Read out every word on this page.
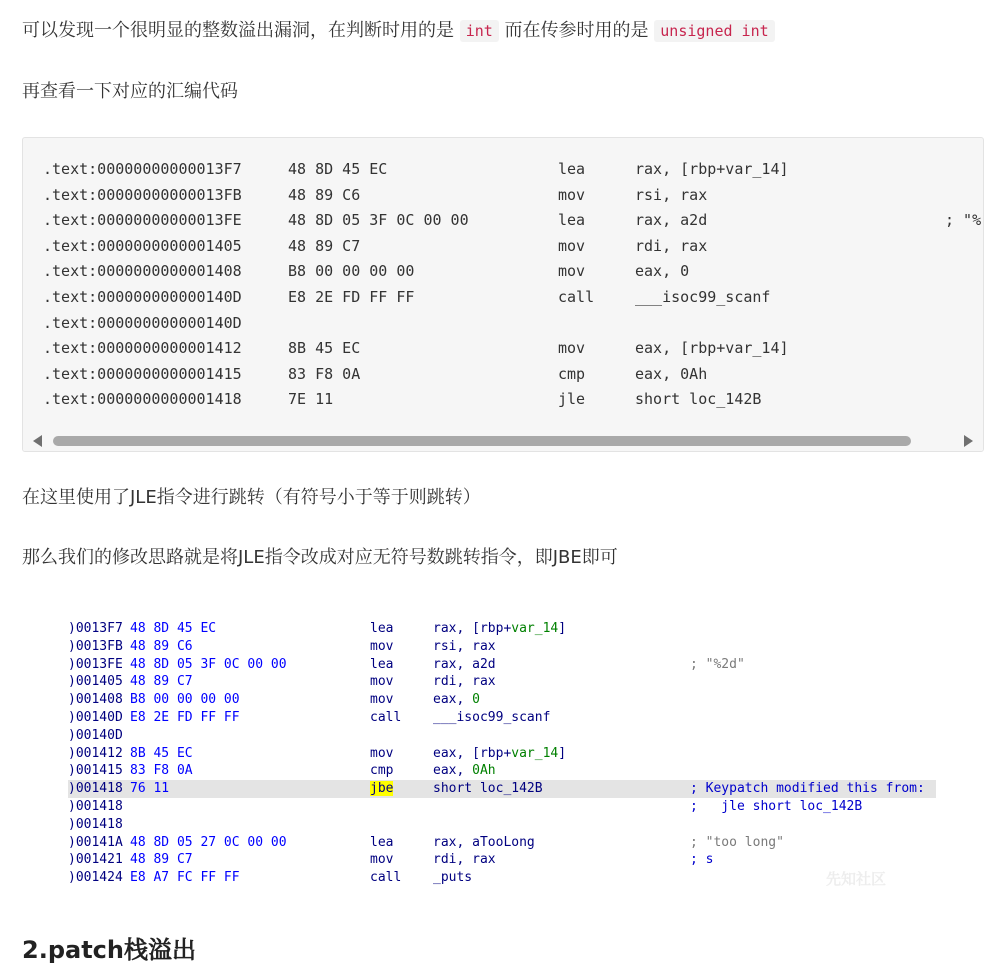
可以发现一个很明显的整数溢出漏洞，在判断时用的是 int 而在传参时用的是 unsigned int
再查看一下对应的汇编代码
.text:00000000000013F7	48 8D 45 EC	lea	rax, [rbp+var_14]
.text:00000000000013FB	48 89 C6	mov	rsi, rax
.text:00000000000013FE	48 8D 05 3F 0C 00 00	lea	rax, a2d	; "%
.text:0000000000001405	48 89 C7	mov	rdi, rax
.text:0000000000001408	B8 00 00 00 00	mov	eax, 0
.text:000000000000140D	E8 2E FD FF FF	call	___isoc99_scanf
.text:000000000000140D
.text:0000000000001412	8B 45 EC	mov	eax, [rbp+var_14]
.text:0000000000001415	83 F8 0A	cmp	eax, 0Ah
.text:0000000000001418	7E 11	jle	short loc_142B
在这里使用了JLE指令进行跳转（有符号小于等于则跳转）
那么我们的修改思路就是将JLE指令改成对应无符号数跳转指令，即JBE即可
)0013F7 48 8D 45 EC	lea	rax, [rbp+var_14]
)0013FB 48 89 C6	mov	rsi, rax
)0013FE 48 8D 05 3F 0C 00 00	lea	rax, a2d	; "%2d"
)001405 48 89 C7	mov	rdi, rax
)001408 B8 00 00 00 00	mov	eax, 0
)00140D E8 2E FD FF FF	call ___isoc99_scanf
)00140D
)001412 8B 45 EC	mov	eax, [rbp+var_14]
)001415 83 F8 0A	cmp	eax, 0Ah
)001418 76 11	jbe	short loc_142B	; Keypatch modified this from:
)001418	;   jle short loc_142B
)001418
)00141A 48 8D 05 27 0C 00 00	lea	rax, aTooLong	; "too long"
)001421 48 89 C7	mov	rdi, rax	; s
)001424 E8 A7 FC FF FF	call _puts	先知社区
2.patch栈溢出
